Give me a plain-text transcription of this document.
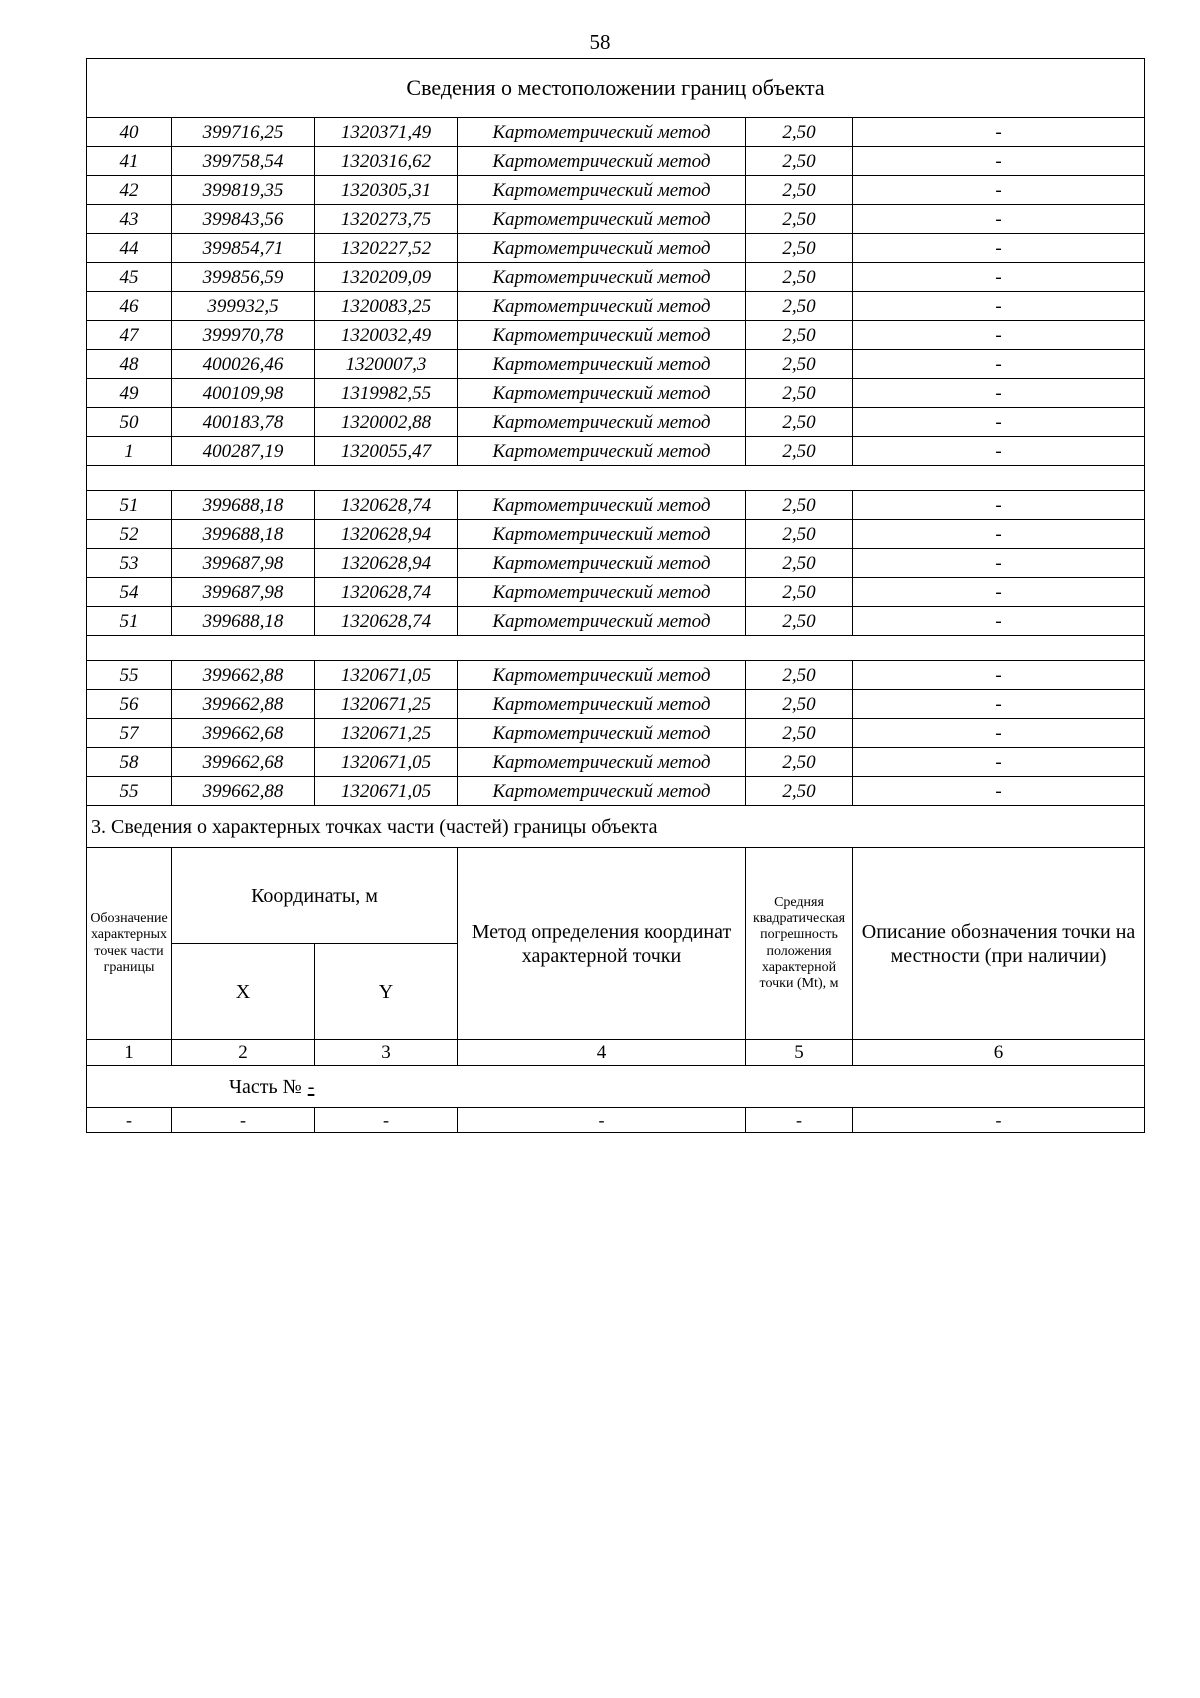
58
Сведения о местоположении границ объекта					
40	399716,25	1320371,49	Картометрический метод	2,50	-
41	399758,54	1320316,62	Картометрический метод	2,50	-
42	399819,35	1320305,31	Картометрический метод	2,50	-
43	399843,56	1320273,75	Картометрический метод	2,50	-
44	399854,71	1320227,52	Картометрический метод	2,50	-
45	399856,59	1320209,09	Картометрический метод	2,50	-
46	399932,5	1320083,25	Картометрический метод	2,50	-
47	399970,78	1320032,49	Картометрический метод	2,50	-
48	400026,46	1320007,3	Картометрический метод	2,50	-
49	400109,98	1319982,55	Картометрический метод	2,50	-
50	400183,78	1320002,88	Картометрический метод	2,50	-
1	400287,19	1320055,47	Картометрический метод	2,50	-

51	399688,18	1320628,74	Картометрический метод	2,50	-
52	399688,18	1320628,94	Картометрический метод	2,50	-
53	399687,98	1320628,94	Картометрический метод	2,50	-
54	399687,98	1320628,74	Картометрический метод	2,50	-
51	399688,18	1320628,74	Картометрический метод	2,50	-

55	399662,88	1320671,05	Картометрический метод	2,50	-
56	399662,88	1320671,25	Картометрический метод	2,50	-
57	399662,68	1320671,25	Картометрический метод	2,50	-
58	399662,68	1320671,05	Картометрический метод	2,50	-
55	399662,88	1320671,05	Картометрический метод	2,50	-
3. Сведения о характерных точках части (частей) границы объекта					
Обозначение характерных точек части границы	Координаты, м		Метод определения координат характерной точки	Средняя квадратическая погрешность положения характерной точки (Mt), м	Описание обозначения точки на местности (при наличии)
	X	Y			
1	2	3	4	5	6
Часть № -					
-	-	-	-	-	-
